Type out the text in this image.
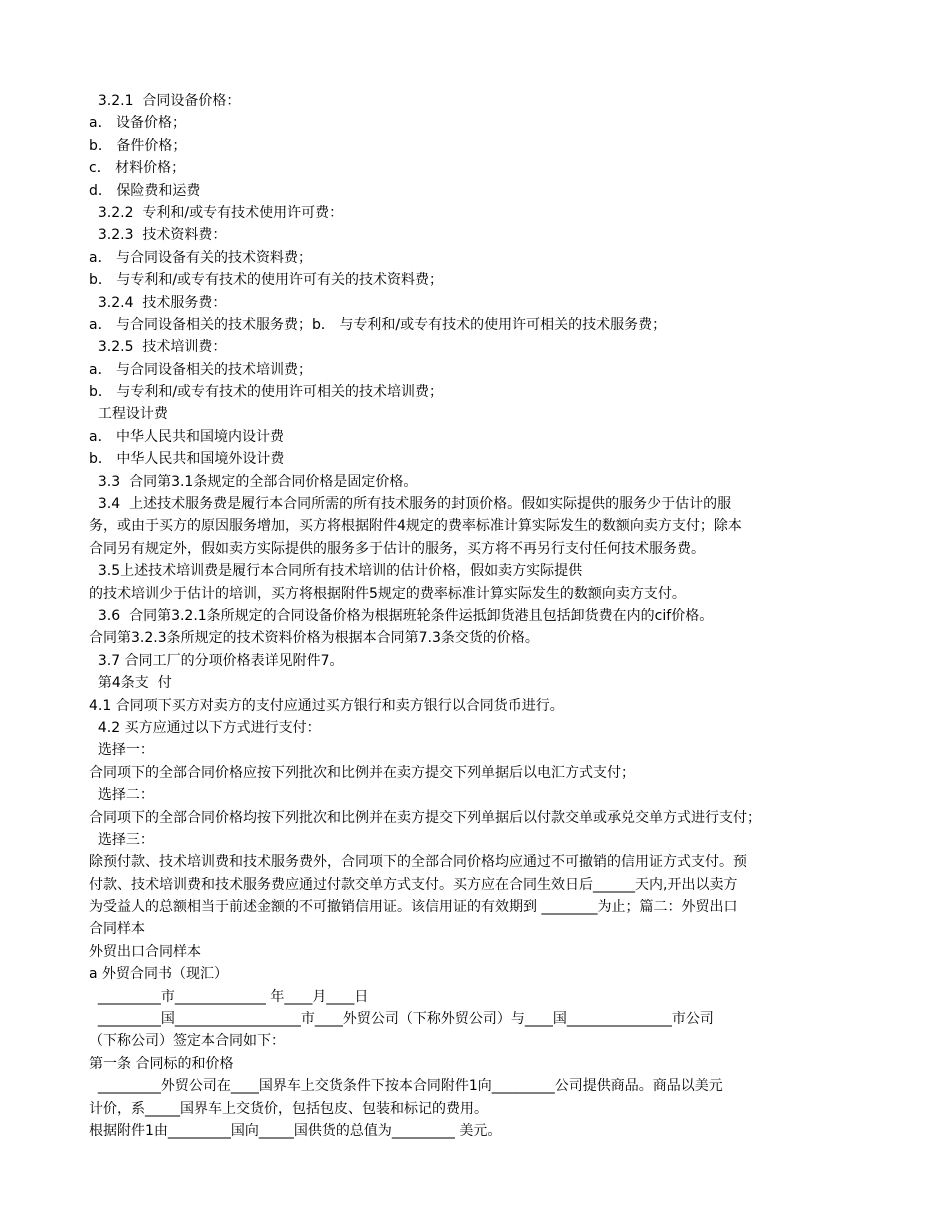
3.2.1  合同设备价格：
a． 设备价格；
b． 备件价格；
c． 材料价格；
d． 保险费和运费
3.2.2  专利和/或专有技术使用许可费：
3.2.3  技术资料费：
a． 与合同设备有关的技术资料费；
b． 与专利和/或专有技术的使用许可有关的技术资料费；
3.2.4  技术服务费：
a． 与合同设备相关的技术服务费；b． 与专利和/或专有技术的使用许可相关的技术服务费；
3.2.5  技术培训费：
a． 与合同设备相关的技术培训费；
b． 与专利和/或专有技术的使用许可相关的技术培训费；
工程设计费
a． 中华人民共和国境内设计费
b． 中华人民共和国境外设计费
3.3  合同第3.1条规定的全部合同价格是固定价格。
3.4  上述技术服务费是履行本合同所需的所有技术服务的封顶价格。假如实际提供的服务少于估计的服
务，或由于买方的原因服务增加，买方将根据附件4规定的费率标准计算实际发生的数额向卖方支付；除本
合同另有规定外，假如卖方实际提供的服务多于估计的服务，买方将不再另行支付任何技术服务费。
3.5上述技术培训费是履行本合同所有技术培训的估计价格，假如卖方实际提供
的技术培训少于估计的培训，买方将根据附件5规定的费率标准计算实际发生的数额向卖方支付。
3.6  合同第3.2.1条所规定的合同设备价格为根据班轮条件运抵卸货港且包括卸货费在内的cif价格。
合同第3.2.3条所规定的技术资料价格为根据本合同第7.3条交货的价格。
3.7 合同工厂的分项价格表详见附件7。
第4条支  付
4.1 合同项下买方对卖方的支付应通过买方银行和卖方银行以合同货币进行。
4.2 买方应通过以下方式进行支付：
选择一：
合同项下的全部合同价格应按下列批次和比例并在卖方提交下列单据后以电汇方式支付；
选择二：
合同项下的全部合同价格均按下列批次和比例并在卖方提交下列单据后以付款交单或承兑交单方式进行支付；
选择三：
除预付款、技术培训费和技术服务费外，合同项下的全部合同价格均应通过不可撤销的信用证方式支付。预
付款、技术培训费和技术服务费应通过付款交单方式支付。买方应在合同生效日后______天内,开出以卖方
为受益人的总额相当于前述金额的不可撤销信用证。该信用证的有效期到 ________为止；篇二：外贸出口
合同样本
外贸出口合同样本
a 外贸合同书（现汇）
_________市_____________ 年____月____日
_________国__________________市____外贸公司（下称外贸公司）与____国_______________市公司
（下称公司）签定本合同如下：
第一条 合同标的和价格
_________外贸公司在____国界车上交货条件下按本合同附件1向_________公司提供商品。商品以美元
计价，系_____国界车上交货价，包括包皮、包装和标记的费用。
根据附件1由_________国向_____国供货的总值为_________ 美元。
